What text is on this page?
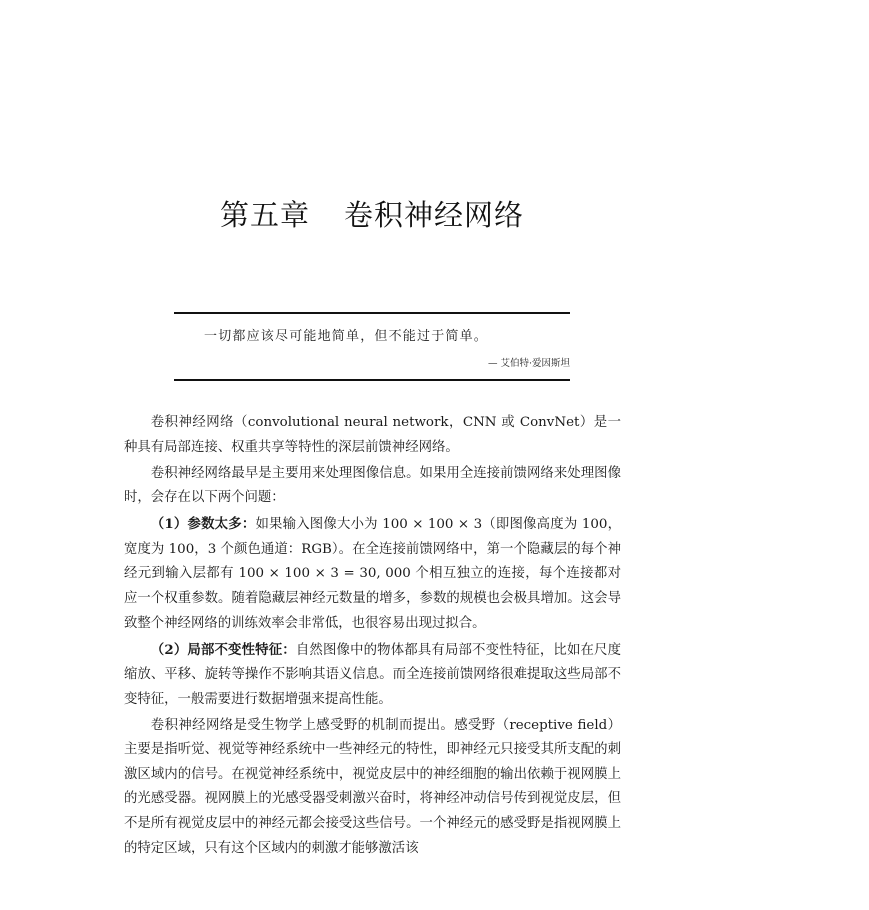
第五章 卷积神经网络
一切都应该尽可能地简单，但不能过于简单。
— 艾伯特·爱因斯坦

卷积神经网络（convolutional neural network，CNN 或 ConvNet）是一种具有局部连接、权重共享等特性的深层前馈神经网络。

卷积神经网络最早是主要用来处理图像信息。如果用全连接前馈网络来处理图像时，会存在以下两个问题：

（1）参数太多：如果输入图像大小为 100 × 100 × 3（即图像高度为 100，宽度为 100，3 个颜色通道：RGB）。在全连接前馈网络中，第一个隐藏层的每个神经元到输入层都有 100 × 100 × 3 = 30, 000 个相互独立的连接，每个连接都对应一个权重参数。随着隐藏层神经元数量的增多，参数的规模也会极具增加。这会导致整个神经网络的训练效率会非常低，也很容易出现过拟合。

（2）局部不变性特征：自然图像中的物体都具有局部不变性特征，比如在尺度缩放、平移、旋转等操作不影响其语义信息。而全连接前馈网络很难提取这些局部不变特征，一般需要进行数据增强来提高性能。

卷积神经网络是受生物学上感受野的机制而提出。感受野（receptive field）主要是指听觉、视觉等神经系统中一些神经元的特性，即神经元只接受其所支配的刺激区域内的信号。在视觉神经系统中，视觉皮层中的神经细胞的输出依赖于视网膜上的光感受器。视网膜上的光感受器受刺激兴奋时，将神经冲动信号传到视觉皮层，但不是所有视觉皮层中的神经元都会接受这些信号。一个神经元的感受野是指视网膜上的特定区域，只有这个区域内的刺激才能够激活该
